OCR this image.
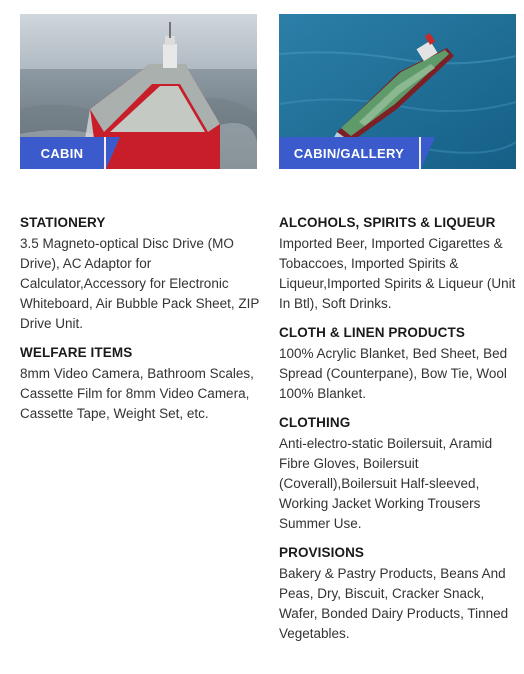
CABIN	CABIN/GALLERY
STATIONERY

3.5 Magneto-optical Disc Drive (MO Drive), AC Adaptor for Calculator,Accessory for Electronic Whiteboard, Air Bubble Pack Sheet, ZIP Drive Unit.

WELFARE ITEMS

8mm Video Camera, Bathroom Scales, Cassette Film for 8mm Video Camera, Cassette Tape, Weight Set, etc.

ALCOHOLS, SPIRITS & LIQUEUR

Imported Beer, Imported Cigarettes & Tobaccoes, Imported Spirits & Liqueur,Imported Spirits & Liqueur (Unit In Btl), Soft Drinks.

CLOTH & LINEN PRODUCTS

100% Acrylic Blanket, Bed Sheet, Bed Spread (Counterpane), Bow Tie, Wool 100% Blanket.

CLOTHING

Anti-electro-static Boilersuit, Aramid Fibre Gloves, Boilersuit (Coverall),Boilersuit Half-sleeved, Working Jacket Working Trousers Summer Use.

PROVISIONS

Bakery & Pastry Products, Beans And Peas, Dry, Biscuit, Cracker Snack, Wafer, Bonded Dairy Products, Tinned Vegetables.
